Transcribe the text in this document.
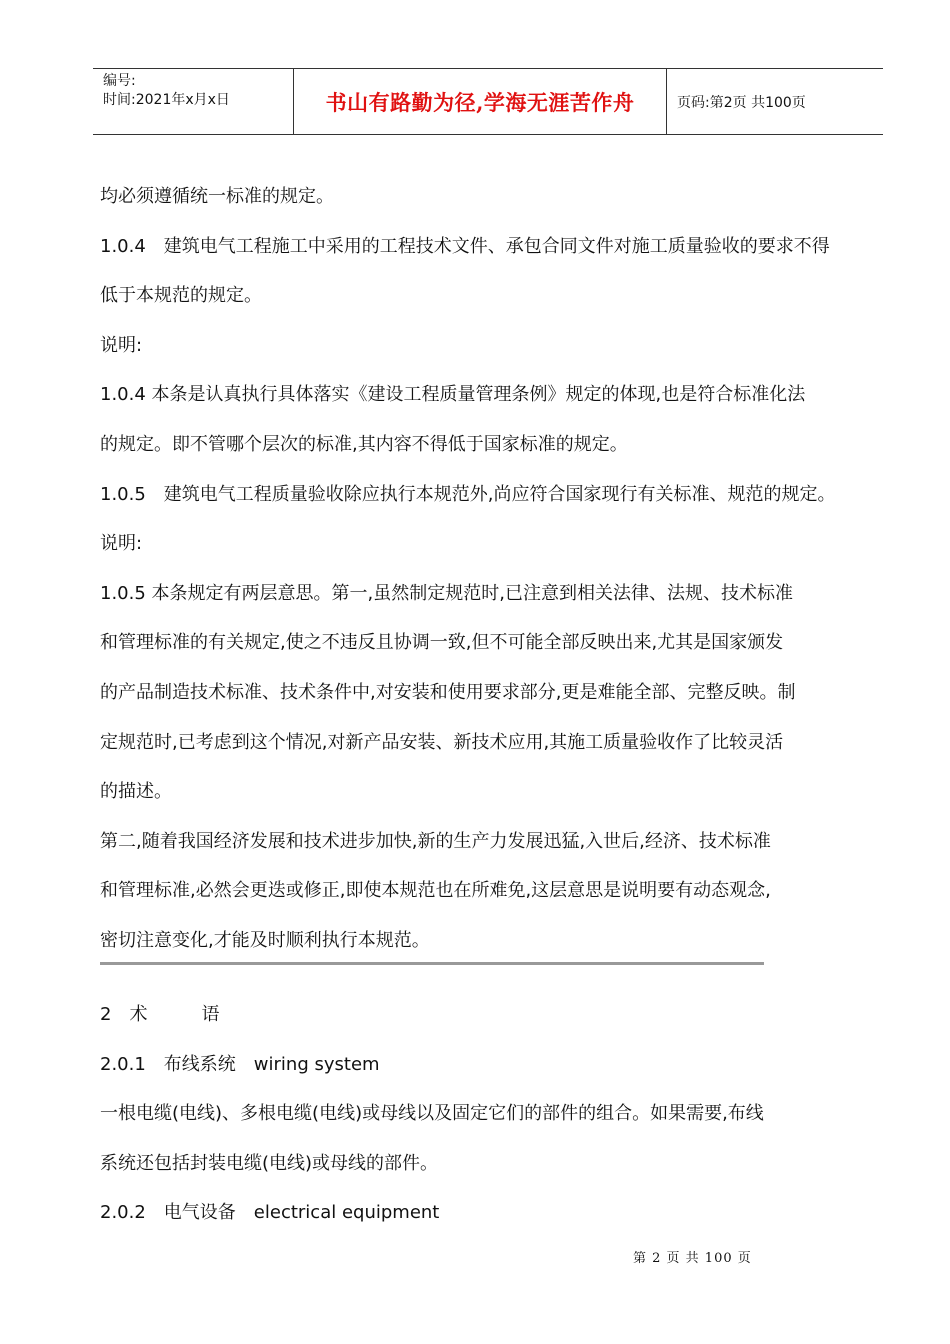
编号:
时间:2021年x月x日	书山有路勤为径,学海无涯苦作舟	页码:第2页 共100页

均必须遵循统一标准的规定。

1.0.4　建筑电气工程施工中采用的工程技术文件、承包合同文件对施工质量验收的要求不得

低于本规范的规定。

说明:

1.0.4 本条是认真执行具体落实《建设工程质量管理条例》规定的体现,也是符合标准化法

的规定。即不管哪个层次的标准,其内容不得低于国家标准的规定。

1.0.5　建筑电气工程质量验收除应执行本规范外,尚应符合国家现行有关标准、规范的规定。

说明:

1.0.5 本条规定有两层意思。第一,虽然制定规范时,已注意到相关法律、法规、技术标准

和管理标准的有关规定,使之不违反且协调一致,但不可能全部反映出来,尤其是国家颁发

的产品制造技术标准、技术条件中,对安装和使用要求部分,更是难能全部、完整反映。制

定规范时,已考虑到这个情况,对新产品安装、新技术应用,其施工质量验收作了比较灵活

的描述。

第二,随着我国经济发展和技术进步加快,新的生产力发展迅猛,入世后,经济、技术标准

和管理标准,必然会更迭或修正,即使本规范也在所难免,这层意思是说明要有动态观念,

密切注意变化,才能及时顺利执行本规范。

2　术　　　语

2.0.1　布线系统　wiring system

一根电缆(电线)、多根电缆(电线)或母线以及固定它们的部件的组合。如果需要,布线

系统还包括封装电缆(电线)或母线的部件。

2.0.2　电气设备　electrical equipment

第 2 页 共 100 页
